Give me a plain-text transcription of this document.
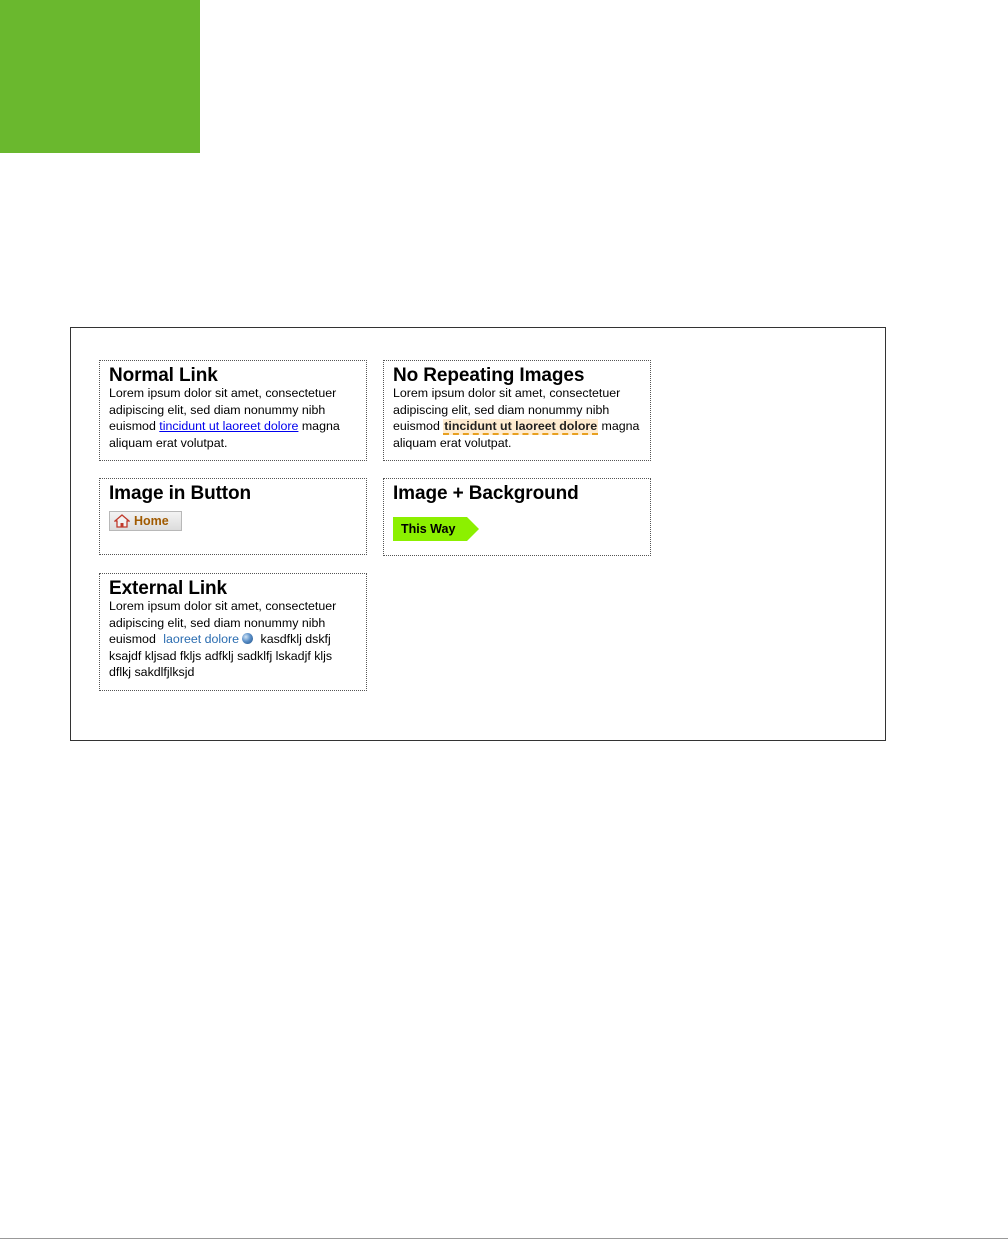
Normal Link

Lorem ipsum dolor sit amet, consectetuer adipiscing elit, sed diam nonummy nibh euismod tincidunt ut laoreet dolore magna aliquam erat volutpat.

No Repeating Images

Lorem ipsum dolor sit amet, consectetuer adipiscing elit, sed diam nonummy nibh euismod tincidunt ut laoreet dolore magna aliquam erat volutpat.

Image in Button
Home
Image + Background
This Way
External Link

Lorem ipsum dolor sit amet, consectetuer adipiscing elit, sed diam nonummy nibh euismod laoreet dolore kasdfklj dskfj ksajdf kljsad fkljs adfklj sadklfj lskadjf kljs dflkj sakdlfjlksjd
